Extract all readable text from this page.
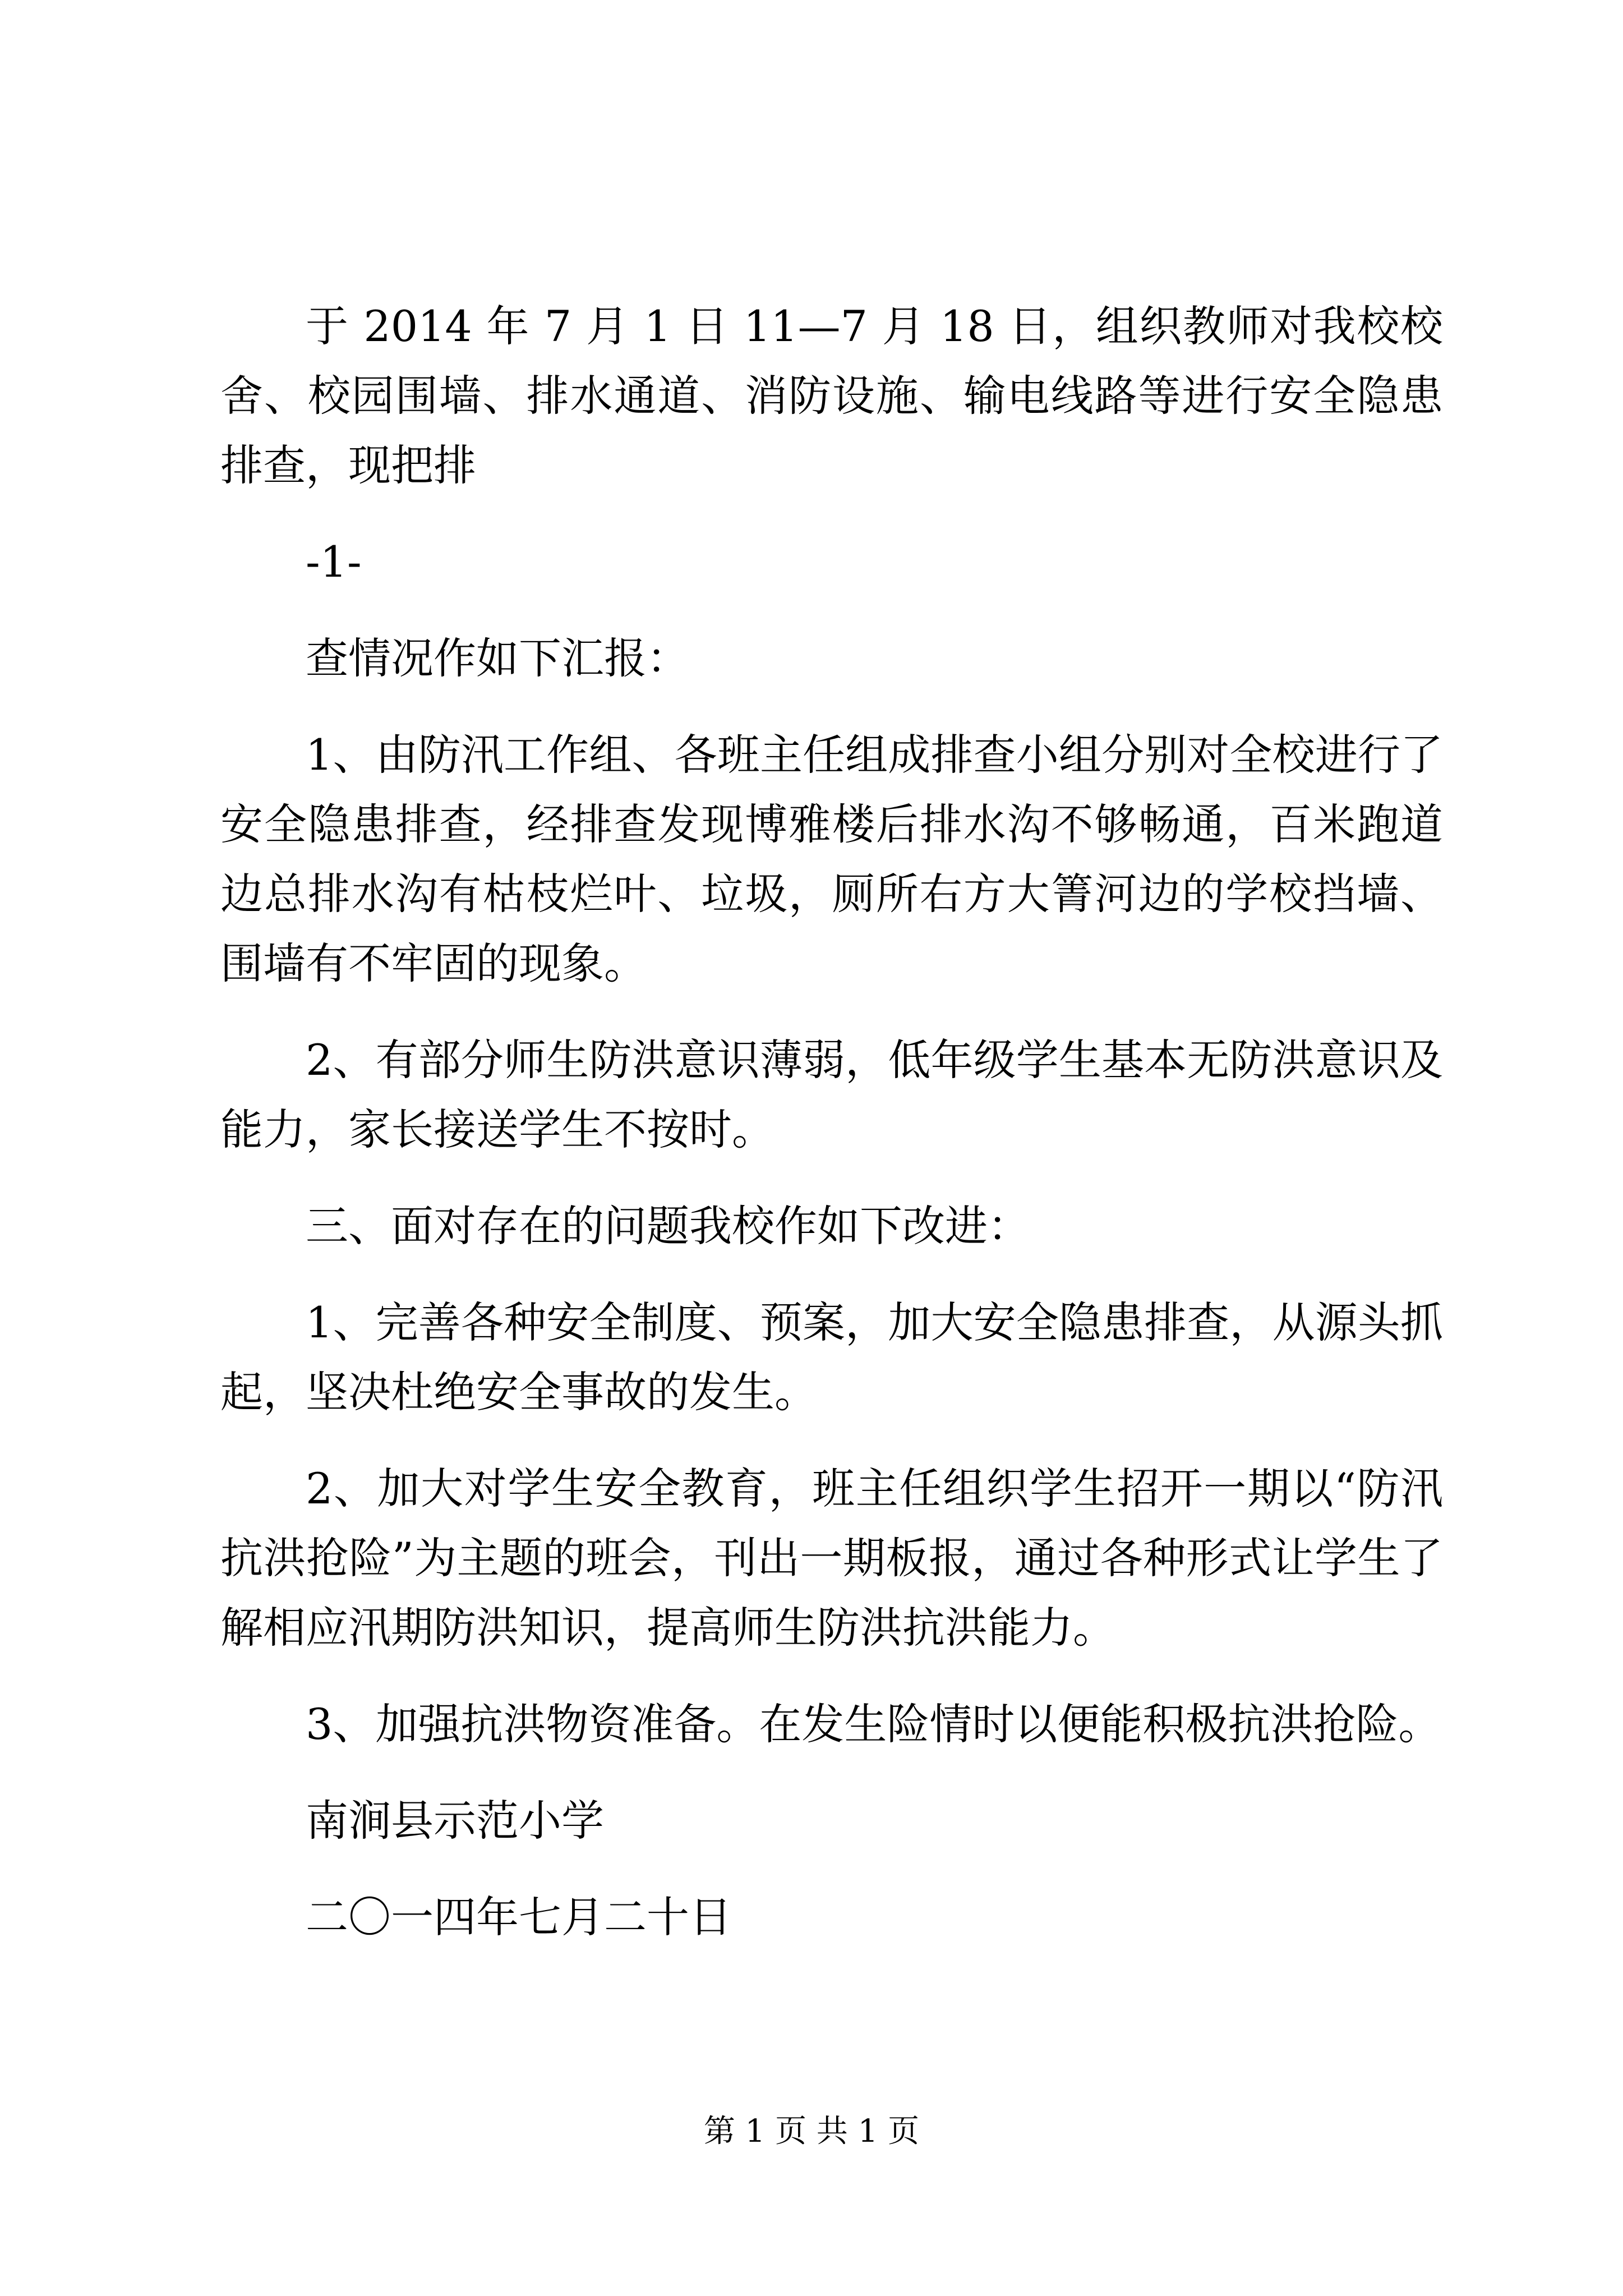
于 2014 年 7 月 1 日 11—7 月 18 日，组织教师对我校校舍、校园围墙、排水通道、消防设施、输电线路等进行安全隐患排查，现把排

-1-

查情况作如下汇报：

1、由防汛工作组、各班主任组成排查小组分别对全校进行了安全隐患排查，经排查发现博雅楼后排水沟不够畅通，百米跑道边总排水沟有枯枝烂叶、垃圾，厕所右方大箐河边的学校挡墙、围墙有不牢固的现象。

2、有部分师生防洪意识薄弱，低年级学生基本无防洪意识及能力，家长接送学生不按时。

三、面对存在的问题我校作如下改进：

1、完善各种安全制度、预案，加大安全隐患排查，从源头抓起，坚决杜绝安全事故的发生。

2、加大对学生安全教育，班主任组织学生招开一期以“防汛抗洪抢险”为主题的班会，刊出一期板报，通过各种形式让学生了解相应汛期防洪知识，提高师生防洪抗洪能力。

3、加强抗洪物资准备。在发生险情时以便能积极抗洪抢险。

南涧县示范小学

二〇一四年七月二十日

第 1 页 共 1 页
